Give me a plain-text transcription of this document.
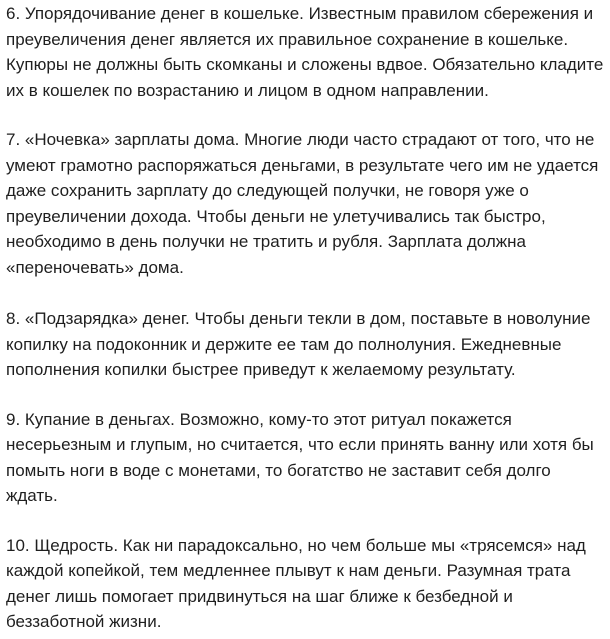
6. Упорядочивание денег в кошельке. Известным правилом сбережения и
преувеличения денег является их правильное сохранение в кошельке.
Купюры не должны быть скомканы и сложены вдвое. Обязательно кладите
их в кошелек по возрастанию и лицом в одном направлении.

7. «Ночевка» зарплаты дома. Многие люди часто страдают от того, что не
умеют грамотно распоряжаться деньгами, в результате чего им не удается
даже сохранить зарплату до следующей получки, не говоря уже о
преувеличении дохода. Чтобы деньги не улетучивались так быстро,
необходимо в день получки не тратить и рубля. Зарплата должна
«переночевать» дома.

8. «Подзарядка» денег. Чтобы деньги текли в дом, поставьте в новолуние
копилку на подоконник и держите ее там до полнолуния. Ежедневные
пополнения копилки быстрее приведут к желаемому результату.

9. Купание в деньгах. Возможно, кому-то этот ритуал покажется
несерьезным и глупым, но считается, что если принять ванну или хотя бы
помыть ноги в воде с монетами, то богатство не заставит себя долго
ждать.

10. Щедрость. Как ни парадоксально, но чем больше мы «трясемся» над
каждой копейкой, тем медленнее плывут к нам деньги. Разумная трата
денег лишь помогает придвинуться на шаг ближе к безбедной и
беззаботной жизни.
